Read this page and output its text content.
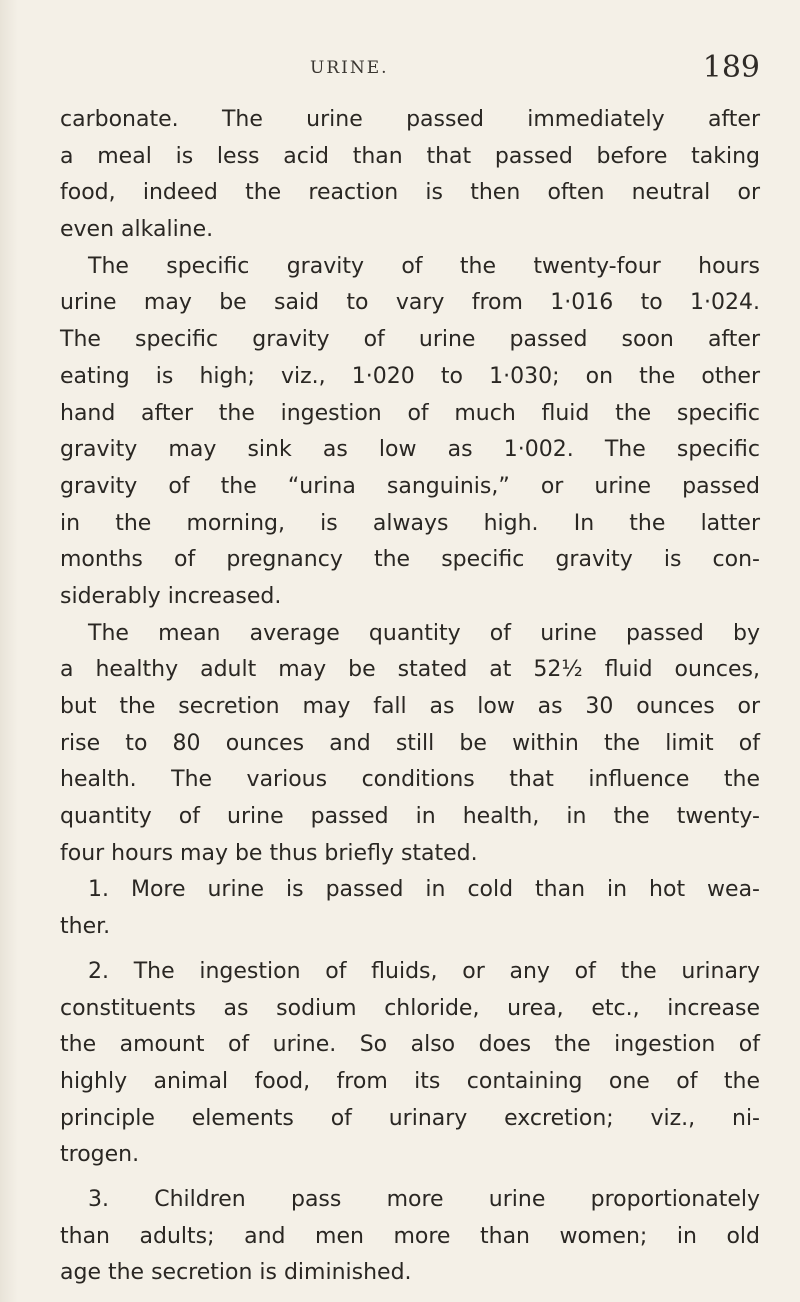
URINE.	189
carbonate. The urine passed immediately after
a meal is less acid than that passed before taking
food, indeed the reaction is then often neutral or
even alkaline.
The specific gravity of the twenty-four hours
urine may be said to vary from 1·016 to 1·024.
The specific gravity of urine passed soon after
eating is high; viz., 1·020 to 1·030; on the other
hand after the ingestion of much fluid the specific
gravity may sink as low as 1·002. The specific
gravity of the “urina sanguinis,” or urine passed
in the morning, is always high. In the latter
months of pregnancy the specific gravity is con-
siderably increased.
The mean average quantity of urine passed by
a healthy adult may be stated at 52½ fluid ounces,
but the secretion may fall as low as 30 ounces or
rise to 80 ounces and still be within the limit of
health. The various conditions that influence the
quantity of urine passed in health, in the twenty-
four hours may be thus briefly stated.
1. More urine is passed in cold than in hot wea-
ther.
2. The ingestion of fluids, or any of the urinary
constituents as sodium chloride, urea, etc., increase
the amount of urine. So also does the ingestion of
highly animal food, from its containing one of the
principle elements of urinary excretion; viz., ni-
trogen.
3. Children pass more urine proportionately
than adults; and men more than women; in old
age the secretion is diminished.
